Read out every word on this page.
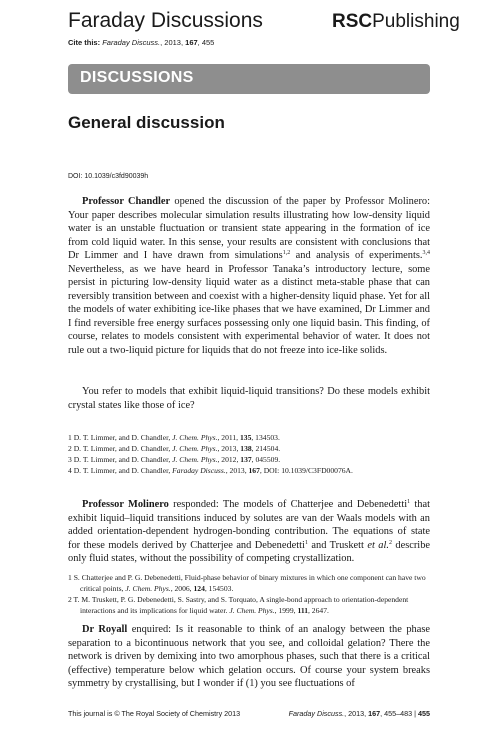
Faraday Discussions	RSCPublishing
Cite this: Faraday Discuss., 2013, 167, 455
DISCUSSIONS
General discussion
DOI: 10.1039/c3fd90039h

Professor Chandler opened the discussion of the paper by Professor Molinero: Your paper describes molecular simulation results illustrating how low-density liquid water is an unstable fluctuation or transient state appearing in the formation of ice from cold liquid water. In this sense, your results are consistent with conclusions that Dr Limmer and I have drawn from simulations$^{1,2}$ and analysis of experiments.$^{3,4}$ Nevertheless, as we have heard in Professor Tanaka’s introductory lecture, some persist in picturing low-density liquid water as a distinct meta-stable phase that can reversibly transition between and coexist with a higher-density liquid phase. Yet for all the models of water exhibiting ice-like phases that we have examined, Dr Limmer and I find reversible free energy surfaces possessing only one liquid basin. This finding, of course, relates to models consistent with experimental behavior of water. It does not rule out a two-liquid picture for liquids that do not freeze into ice-like solids.

You refer to models that exhibit liquid-liquid transitions? Do these models exhibit crystal states like those of ice?

1 D. T. Limmer, and D. Chandler, J. Chem. Phys., 2011, 135, 134503.
2 D. T. Limmer, and D. Chandler, J. Chem. Phys., 2013, 138, 214504.
3 D. T. Limmer, and D. Chandler, J. Chem. Phys., 2012, 137, 045509.
4 D. T. Limmer, and D. Chandler, Faraday Discuss., 2013, 167, DOI: 10.1039/C3FD00076A.

Professor Molinero responded: The models of Chatterjee and Debenedetti$^1$ that exhibit liquid–liquid transitions induced by solutes are van der Waals models with an added orientation-dependent hydrogen-bonding contribution. The equations of state for these models derived by Chatterjee and Debenedetti$^1$ and Truskett et al.$^2$ describe only fluid states, without the possibility of competing crystallization.

1 S. Chatterjee and P. G. Debenedetti, Fluid-phase behavior of binary mixtures in which one component can have two critical points, J. Chem. Phys., 2006, 124, 154503.
2 T. M. Truskett, P. G. Debenedetti, S. Sastry, and S. Torquato, A single-bond approach to orientation-dependent interactions and its implications for liquid water. J. Chem. Phys., 1999, 111, 2647.

Dr Royall enquired: Is it reasonable to think of an analogy between the phase separation to a bicontinuous network that you see, and colloidal gelation? There the network is driven by demixing into two amorphous phases, such that there is a critical (effective) temperature below which gelation occurs. Of course your system breaks symmetry by crystallising, but I wonder if (1) you see fluctuations of

This journal is © The Royal Society of Chemistry 2013	Faraday Discuss., 2013, 167, 455–483 | 455
